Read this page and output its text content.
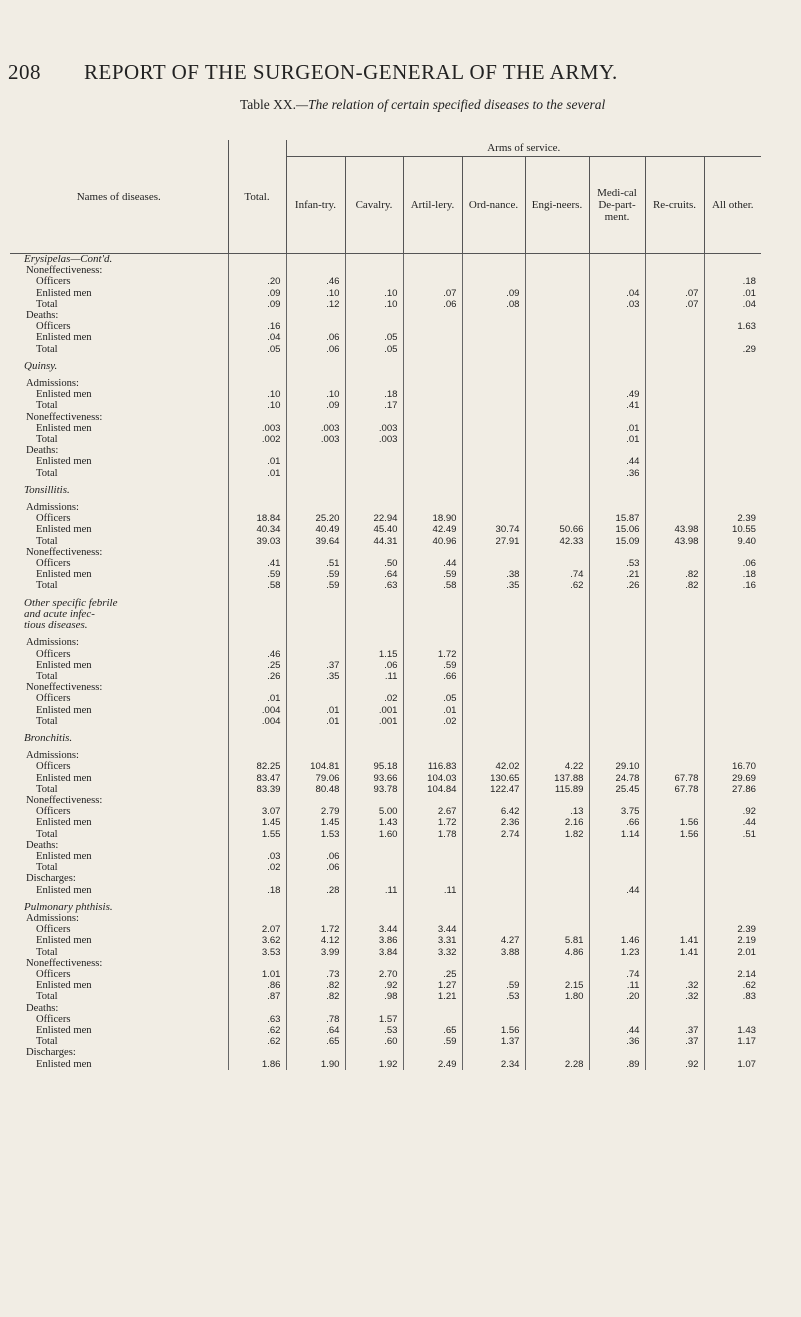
208 REPORT OF THE SURGEON-GENERAL OF THE ARMY.
Table XX.—The relation of certain specified diseases to the several
Names of diseases.	Total.	Arms of service.							
		Infan-try.	Cavalry.	Artil-lery.	Ord-nance.	Engi-neers.	Medi-cal De-part-ment.	Re-cruits.	All other.
Erysipelas—Cont'd.									
Noneffectiveness:									
Officers	.20	.46							.18
Enlisted men	.09	.10	.10	.07	.09		.04	.07	.01
Total	.09	.12	.10	.06	.08		.03	.07	.04
Deaths:									
Officers	.16								1.63
Enlisted men	.04	.06	.05						
Total	.05	.06	.05						.29

Quinsy.									

Admissions:									
Enlisted men	.10	.10	.18				.49		
Total	.10	.09	.17				.41		
Noneffectiveness:									
Enlisted men	.003	.003	.003				.01		
Total	.002	.003	.003				.01		
Deaths:									
Enlisted men	.01						.44		
Total	.01						.36		

Tonsillitis.									

Admissions:									
Officers	18.84	25.20	22.94	18.90			15.87		2.39
Enlisted men	40.34	40.49	45.40	42.49	30.74	50.66	15.06	43.98	10.55
Total	39.03	39.64	44.31	40.96	27.91	42.33	15.09	43.98	9.40
Noneffectiveness:									
Officers	.41	.51	.50	.44			.53		.06
Enlisted men	.59	.59	.64	.59	.38	.74	.21	.82	.18
Total	.58	.59	.63	.58	.35	.62	.26	.82	.16

Other specific febrile									
and acute infec-									
tious diseases.									

Admissions:									
Officers	.46		1.15	1.72					
Enlisted men	.25	.37	.06	.59					
Total	.26	.35	.11	.66					
Noneffectiveness:									
Officers	.01		.02	.05					
Enlisted men	.004	.01	.001	.01					
Total	.004	.01	.001	.02					

Bronchitis.									

Admissions:									
Officers	82.25	104.81	95.18	116.83	42.02	4.22	29.10		16.70
Enlisted men	83.47	79.06	93.66	104.03	130.65	137.88	24.78	67.78	29.69
Total	83.39	80.48	93.78	104.84	122.47	115.89	25.45	67.78	27.86
Noneffectiveness:									
Officers	3.07	2.79	5.00	2.67	6.42	.13	3.75		.92
Enlisted men	1.45	1.45	1.43	1.72	2.36	2.16	.66	1.56	.44
Total	1.55	1.53	1.60	1.78	2.74	1.82	1.14	1.56	.51
Deaths:									
Enlisted men	.03	.06							
Total	.02	.06							
Discharges:									
Enlisted men	.18	.28	.11	.11			.44		

Pulmonary phthisis.									
Admissions:									
Officers	2.07	1.72	3.44	3.44					2.39
Enlisted men	3.62	4.12	3.86	3.31	4.27	5.81	1.46	1.41	2.19
Total	3.53	3.99	3.84	3.32	3.88	4.86	1.23	1.41	2.01
Noneffectiveness:									
Officers	1.01	.73	2.70	.25			.74		2.14
Enlisted men	.86	.82	.92	1.27	.59	2.15	.11	.32	.62
Total	.87	.82	.98	1.21	.53	1.80	.20	.32	.83
Deaths:									
Officers	.63	.78	1.57						
Enlisted men	.62	.64	.53	.65	1.56		.44	.37	1.43
Total	.62	.65	.60	.59	1.37		.36	.37	1.17
Discharges:									
Enlisted men	1.86	1.90	1.92	2.49	2.34	2.28	.89	.92	1.07
